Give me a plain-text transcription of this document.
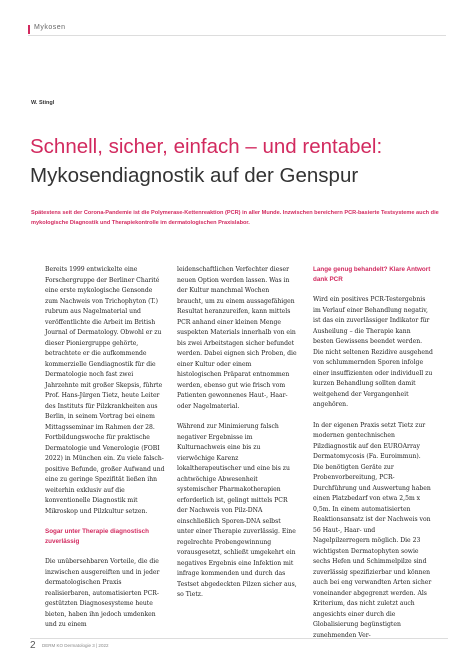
Mykosen
W. Stingl
Schnell, sicher, einfach – und rentabel:
Mykosendiagnostik auf der Genspur
Spätestens seit der Corona-Pandemie ist die Polymerase-Kettenreaktion (PCR) in aller Munde. Inzwischen bereichern PCR-basierte Testsysteme auch die mykologische Diagnostik und Therapiekontrolle im dermatologischen Praxislabor.

Bereits 1999 entwickelte eine Forschergruppe der Berliner Charité eine erste mykologische Gensonde zum Nachweis von Trichophyton (T.) rubrum aus Nagelmaterial und veröffentlichte die Arbeit im British Journal of Dermatology. Obwohl er zu dieser Pioniergruppe gehörte, betrachtete er die aufkommende kommerzielle Gendiagnostik für die Dermatologie noch fast zwei Jahrzehnte mit großer Skepsis, führte Prof. Hans-Jürgen Tietz, heute Leiter des Instituts für Pilzkrankheiten aus Berlin, in seinem Vortrag bei einem Mittagsseminar im Rahmen der 28. Fortbildungswoche für praktische Dermatologie und Venerologie (FOBI 2022) in München ein. Zu viele falsch-positive Befunde, großer Aufwand und eine zu geringe Spezifität ließen ihn weiterhin exklusiv auf die konventionelle Diagnostik mit Mikroskop und Pilzkultur setzen.

Sogar unter Therapie diagnostisch zuverlässig

Die unübersehbaren Vorteile, die die inzwischen ausgereiften und in jeder dermatologischen Praxis realisierbaren, automatisierten PCR-gestützten Diagnosesysteme heute bieten, haben ihn jedoch umdenken und zu einem

leidenschaftlichen Verfechter dieser neuen Option werden lassen. Was in der Kultur manchmal Wochen braucht, um zu einem aussagefähigen Resultat heranzureifen, kann mittels PCR anhand einer kleinen Menge suspekten Materials innerhalb von ein bis zwei Arbeitstagen sicher befundet werden. Dabei eignen sich Proben, die einer Kultur oder einem histologischen Präparat entnommen werden, ebenso gut wie frisch vom Patienten gewonnenes Haut-, Haar- oder Nagelmaterial.

Während zur Minimierung falsch negativer Ergebnisse im Kulturnachweis eine bis zu vierwöchige Karenz lokaltherapeutischer und eine bis zu achtwöchige Abwesenheit systemischer Pharmakotherapien erforderlich ist, gelingt mittels PCR der Nachweis von Pilz-DNA einschließlich Sporen-DNA selbst unter einer Therapie zuverlässig. Eine regelrechte Probengewinnung vorausgesetzt, schließt umgekehrt ein negatives Ergebnis eine Infektion mit infrage kommenden und durch das Testset abgedeckten Pilzen sicher aus, so Tietz.

Lange genug behandelt? Klare Antwort dank PCR

Wird ein positives PCR-Testergebnis im Verlauf einer Behandlung negativ, ist das ein zuverlässiger Indikator für Ausheilung – die Therapie kann besten Gewissens beendet werden. Die nicht seltenen Rezidive ausgehend von schlummernden Sporen infolge einer insuffizienten oder individuell zu kurzen Behandlung sollten damit weitgehend der Vergangenheit angehören.

In der eigenen Praxis setzt Tietz zur modernen gentechnischen Pilzdiagnostik auf den EUROArray Dermatomycosis (Fa. Euroimmun). Die benötigten Geräte zur Probenvorbereitung, PCR-Durchführung und Auswertung haben einen Platzbedarf von etwa 2,5m x 0,5m. In einem automatisierten Reaktionsansatz ist der Nachweis von 56 Haut-, Haar- und Nagelpilzerregern möglich. Die 23 wichtigsten Dermatophyten sowie sechs Hefen und Schimmelpilze sind zuverlässig spezifizierbar und können auch bei eng verwandten Arten sicher voneinander abgegrenzt werden. Als Kriterium, das nicht zuletzt auch angesichts einer durch die Globalisierung begünstigten zunehmenden Ver-

2 DERM KO Dermatologie 3 | 2022
